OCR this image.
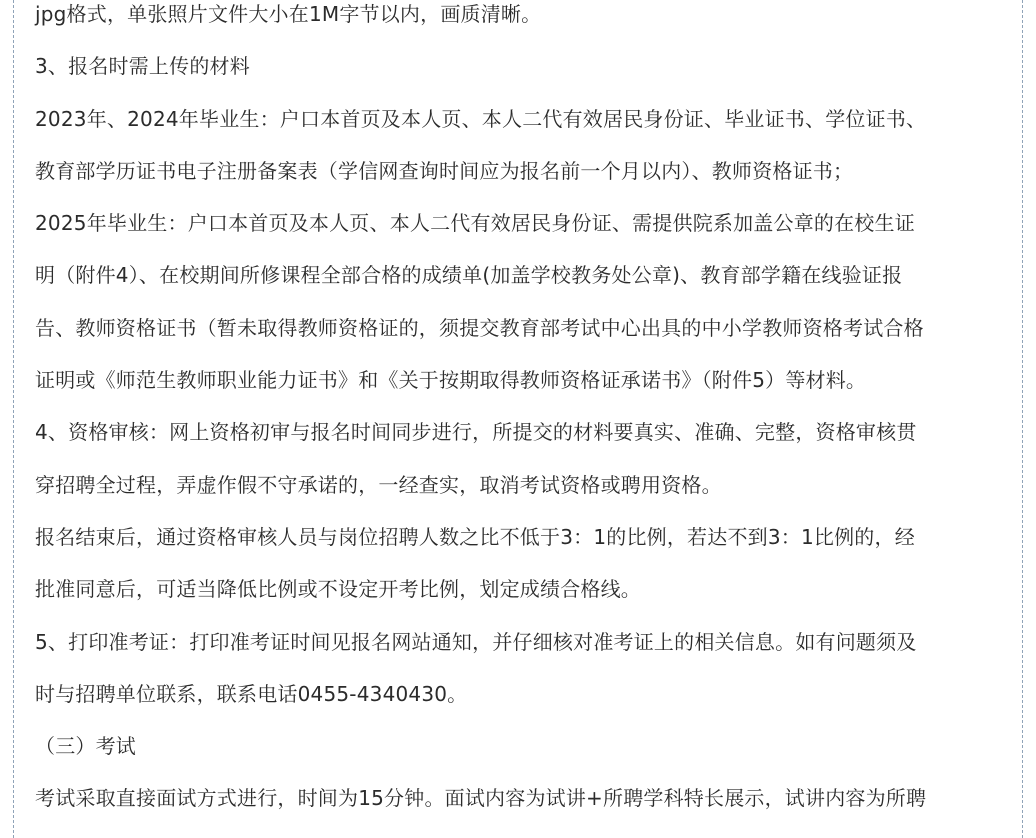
jpg格式，单张照片文件大小在1M字节以内，画质清晰。
3、报名时需上传的材料
2023年、2024年毕业生：户口本首页及本人页、本人二代有效居民身份证、毕业证书、学位证书、
教育部学历证书电子注册备案表（学信网查询时间应为报名前一个月以内）、教师资格证书；
2025年毕业生：户口本首页及本人页、本人二代有效居民身份证、需提供院系加盖公章的在校生证
明（附件4）、在校期间所修课程全部合格的成绩单(加盖学校教务处公章)、教育部学籍在线验证报
告、教师资格证书（暂未取得教师资格证的，须提交教育部考试中心出具的中小学教师资格考试合格
证明或《师范生教师职业能力证书》和《关于按期取得教师资格证承诺书》（附件5）等材料。
4、资格审核：网上资格初审与报名时间同步进行，所提交的材料要真实、准确、完整，资格审核贯
穿招聘全过程，弄虚作假不守承诺的，一经查实，取消考试资格或聘用资格。
报名结束后，通过资格审核人员与岗位招聘人数之比不低于3：1的比例，若达不到3：1比例的，经
批准同意后，可适当降低比例或不设定开考比例，划定成绩合格线。
5、打印准考证：打印准考证时间见报名网站通知，并仔细核对准考证上的相关信息。如有问题须及
时与招聘单位联系，联系电话0455-4340430。
（三）考试
考试采取直接面试方式进行，时间为15分钟。面试内容为试讲+所聘学科特长展示，试讲内容为所聘
